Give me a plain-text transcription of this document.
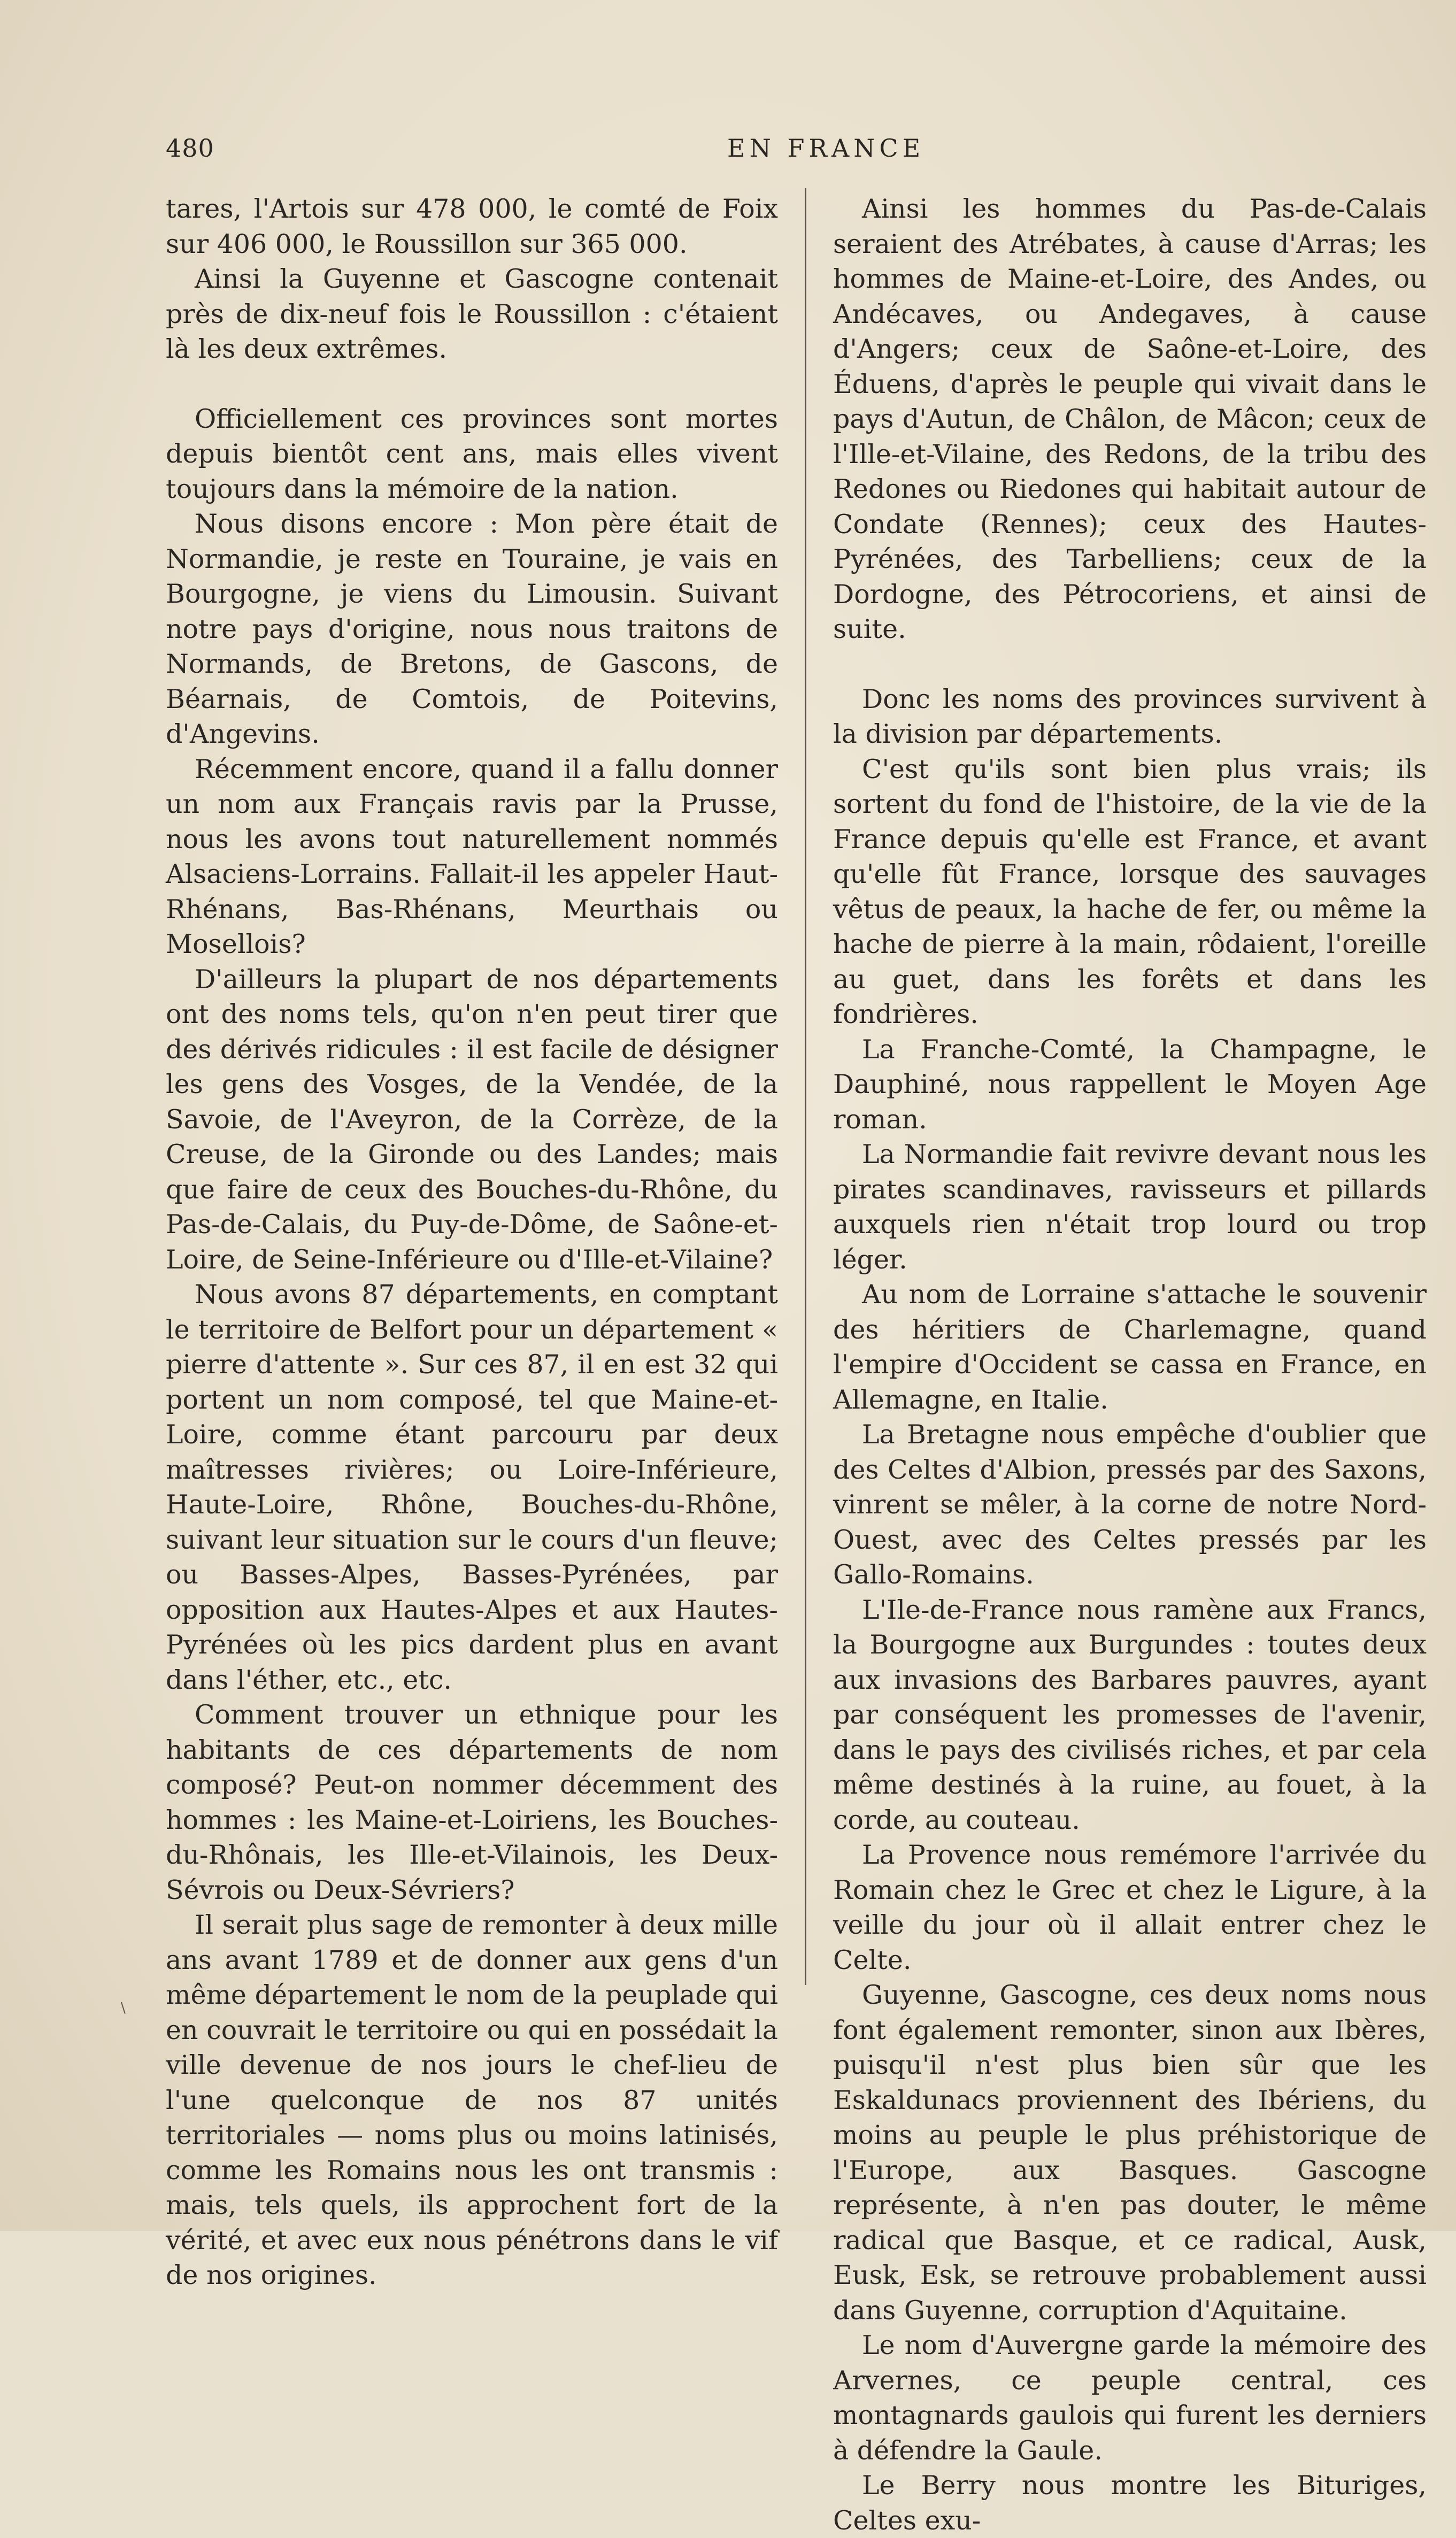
480	EN FRANCE

tares, l'Artois sur 478 000, le comté de Foix sur 406 000, le Roussillon sur 365 000.

Ainsi la Guyenne et Gascogne contenait près de dix-neuf fois le Roussillon : c'étaient là les deux extrêmes.

Officiellement ces provinces sont mortes depuis bientôt cent ans, mais elles vivent toujours dans la mémoire de la nation.

Nous disons encore : Mon père était de Normandie, je reste en Touraine, je vais en Bourgogne, je viens du Limousin. Suivant notre pays d'origine, nous nous traitons de Normands, de Bretons, de Gascons, de Béarnais, de Comtois, de Poitevins, d'Angevins.

Récemment encore, quand il a fallu donner un nom aux Français ravis par la Prusse, nous les avons tout naturellement nommés Alsaciens-Lorrains. Fallait-il les appeler Haut-Rhénans, Bas-Rhénans, Meurthais ou Mosellois?

D'ailleurs la plupart de nos départements ont des noms tels, qu'on n'en peut tirer que des dérivés ridicules : il est facile de désigner les gens des Vosges, de la Vendée, de la Savoie, de l'Aveyron, de la Corrèze, de la Creuse, de la Gironde ou des Landes; mais que faire de ceux des Bouches-du-Rhône, du Pas-de-Calais, du Puy-de-Dôme, de Saône-et-Loire, de Seine-Inférieure ou d'Ille-et-Vilaine?

Nous avons 87 départements, en comptant le territoire de Belfort pour un département « pierre d'attente ». Sur ces 87, il en est 32 qui portent un nom composé, tel que Maine-et-Loire, comme étant parcouru par deux maîtresses rivières; ou Loire-Inférieure, Haute-Loire, Rhône, Bouches-du-Rhône, suivant leur situation sur le cours d'un fleuve; ou Basses-Alpes, Basses-Pyrénées, par opposition aux Hautes-Alpes et aux Hautes-Pyrénées où les pics dardent plus en avant dans l'éther, etc., etc.

Comment trouver un ethnique pour les habitants de ces départements de nom composé? Peut-on nommer décemment des hommes : les Maine-et-Loiriens, les Bouches-du-Rhônais, les Ille-et-Vilainois, les Deux-Sévrois ou Deux-Sévriers?

Il serait plus sage de remonter à deux mille ans avant 1789 et de donner aux gens d'un même département le nom de la peuplade qui en couvrait le territoire ou qui en possédait la ville devenue de nos jours le chef-lieu de l'une quelconque de nos 87 unités territoriales — noms plus ou moins latinisés, comme les Romains nous les ont transmis : mais, tels quels, ils approchent fort de la vérité, et avec eux nous pénétrons dans le vif de nos origines.

Ainsi les hommes du Pas-de-Calais seraient des Atrébates, à cause d'Arras; les hommes de Maine-et-Loire, des Andes, ou Andécaves, ou Andegaves, à cause d'Angers; ceux de Saône-et-Loire, des Éduens, d'après le peuple qui vivait dans le pays d'Autun, de Châlon, de Mâcon; ceux de l'Ille-et-Vilaine, des Redons, de la tribu des Redones ou Riedones qui habitait autour de Condate (Rennes); ceux des Hautes-Pyrénées, des Tarbelliens; ceux de la Dordogne, des Pétrocoriens, et ainsi de suite.

Donc les noms des provinces survivent à la division par départements.

C'est qu'ils sont bien plus vrais; ils sortent du fond de l'histoire, de la vie de la France depuis qu'elle est France, et avant qu'elle fût France, lorsque des sauvages vêtus de peaux, la hache de fer, ou même la hache de pierre à la main, rôdaient, l'oreille au guet, dans les forêts et dans les fondrières.

La Franche-Comté, la Champagne, le Dauphiné, nous rappellent le Moyen Age roman.

La Normandie fait revivre devant nous les pirates scandinaves, ravisseurs et pillards auxquels rien n'était trop lourd ou trop léger.

Au nom de Lorraine s'attache le souvenir des héritiers de Charlemagne, quand l'empire d'Occident se cassa en France, en Allemagne, en Italie.

La Bretagne nous empêche d'oublier que des Celtes d'Albion, pressés par des Saxons, vinrent se mêler, à la corne de notre Nord-Ouest, avec des Celtes pressés par les Gallo-Romains.

L'Ile-de-France nous ramène aux Francs, la Bourgogne aux Burgundes : toutes deux aux invasions des Barbares pauvres, ayant par conséquent les promesses de l'avenir, dans le pays des civilisés riches, et par cela même destinés à la ruine, au fouet, à la corde, au couteau.

La Provence nous remémore l'arrivée du Romain chez le Grec et chez le Ligure, à la veille du jour où il allait entrer chez le Celte.

Guyenne, Gascogne, ces deux noms nous font également remonter, sinon aux Ibères, puisqu'il n'est plus bien sûr que les Eskaldunacs proviennent des Ibériens, du moins au peuple le plus préhistorique de l'Europe, aux Basques. Gascogne représente, à n'en pas douter, le même radical que Basque, et ce radical, Ausk, Eusk, Esk, se retrouve probablement aussi dans Guyenne, corruption d'Aquitaine.

Le nom d'Auvergne garde la mémoire des Arvernes, ce peuple central, ces montagnards gaulois qui furent les derniers à défendre la Gaule.

Le Berry nous montre les Bituriges, Celtes exu-

\
